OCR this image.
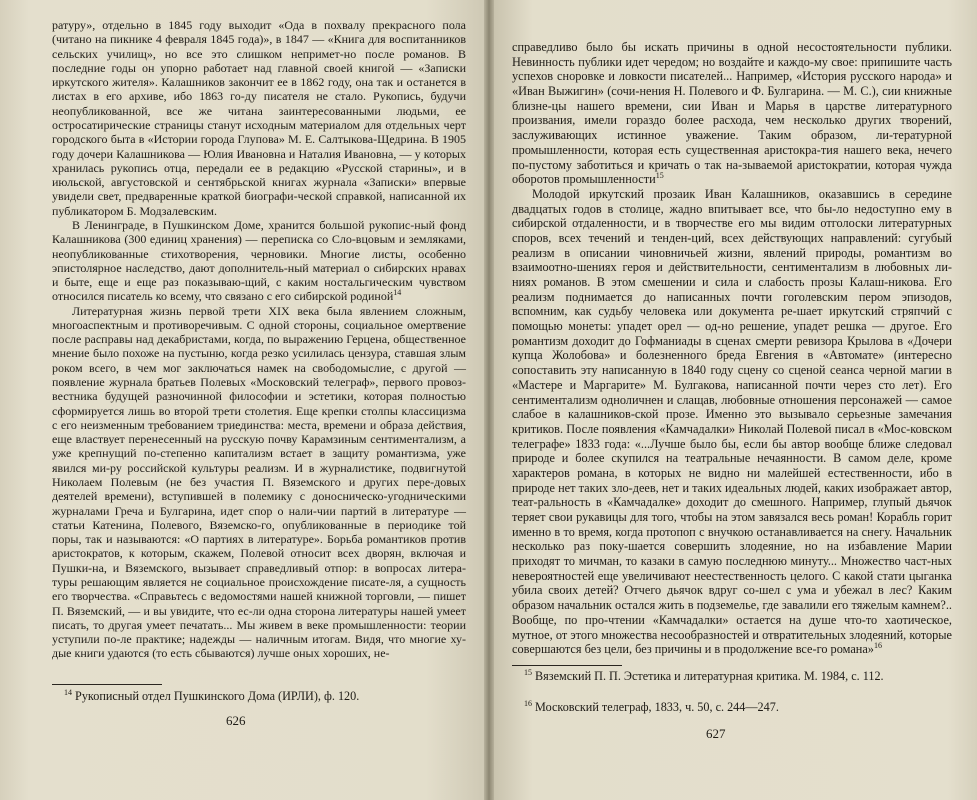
ратуру», отдельно в 1845 году выходит «Ода в похвалу прекрасного пола (читано на пикнике 4 февраля 1845 года)», в 1847 — «Книга для воспитанников сельских училищ», но все это слишком непримет-но после романов. В последние годы он упорно работает над главной своей книгой — «Записки иркутского жителя». Калашников закончит ее в 1862 году, она так и останется в листах в его архиве, ибо 1863 го-ду писателя не стало. Рукопись, будучи неопубликованной, все же читана заинтересованными людьми, ее остросатирические страницы станут исходным материалом для отдельных черт городского быта в «Истории города Глупова» М. Е. Салтыкова-Щедрина. В 1905 году дочери Калашникова — Юлия Ивановна и Наталия Ивановна, — у которых хранилась рукопись отца, передали ее в редакцию «Русской старины», и в июльской, августовской и сентябрьской книгах журнала «Записки» впервые увидели свет, предваренные краткой биографи-ческой справкой, написанной их публикатором Б. Модзалевским.

В Ленинграде, в Пушкинском Доме, хранится большой рукопис-ный фонд Калашникова (300 единиц хранения) — переписка со Сло-вцовым и земляками, неопубликованные стихотворения, черновики. Многие листы, особенно эпистолярное наследство, дают дополнитель-ный материал о сибирских нравах и быте, еще и еще раз показываю-щий, с каким ностальгическим чувством относился писатель ко всему, что связано с его сибирской родиной$^{14}$

Литературная жизнь первой трети XIX века была явлением сложным, многоаспектным и противоречивым. С одной стороны, социальное омертвение после расправы над декабристами, когда, по выражению Герцена, общественное мнение было похоже на пустыню, когда резко усилилась цензура, ставшая злым роком всего, в чем мог заключаться намек на свободомыслие, с другой — появление журнала братьев Полевых «Московский телеграф», первого провоз-вестника будущей разночинной философии и эстетики, которая полностью сформируется лишь во второй трети столетия. Еще крепки столпы классицизма с его неизменным требованием триединства: места, времени и образа действия, еще властвует перенесенный на русскую почву Карамзиным сентиментализм, а уже крепнущий по-степенно капитализм встает в защиту романтизма, уже явился ми-ру российской культуры реализм. И в журналистике, подвигнутой Николаем Полевым (не без участия П. Вяземского и других пере-довых деятелей времени), вступившей в полемику с доносническо-угодническими журналами Греча и Булгарина, идет спор о нали-чии партий в литературе — статьи Катенина, Полевого, Вяземско-го, опубликованные в периодике той поры, так и называются: «О партиях в литературе». Борьба романтиков против аристократов, к которым, скажем, Полевой относит всех дворян, включая и Пушки-на, и Вяземского, вызывает справедливый отпор: в вопросах литера-туры решающим является не социальное происхождение писате-ля, а сущность его творчества. «Справьтесь с ведомостями нашей книжной торговли, — пишет П. Вяземский, — и вы увидите, что ес-ли одна сторона литературы нашей умеет писать, то другая умеет печатать... Мы живем в веке промышленности: теории уступили по-ле практике; надежды — наличным итогам. Видя, что многие ху-дые книги удаются (то есть сбываются) лучше оных хороших, не-

$^{14}$ Рукописный отдел Пушкинского Дома (ИРЛИ), ф. 120.
626

справедливо было бы искать причины в одной несостоятельности публики. Невинность публики идет чередом; но воздайте и каждо-му свое: припишите часть успехов сноровке и ловкости писателей... Например, «История русского народа» и «Иван Выжигин» (сочи-нения Н. Полевого и Ф. Булгарина. — М. С.), сии книжные близне-цы нашего времени, сии Иван и Марья в царстве литературного произвания, имели гораздо более расхода, чем несколько других творений, заслуживающих истинное уважение. Таким образом, ли-тературной промышленности, которая есть существенная аристокра-тия нашего века, нечего по-пустому заботиться и кричать о так на-зываемой аристократии, которая чужда оборотов промышленности$^{15}$

Молодой иркутский прозаик Иван Калашников, оказавшись в середине двадцатых годов в столице, жадно впитывает все, что бы-ло недоступно ему в сибирской отдаленности, и в творчестве его мы видим отголоски литературных споров, всех течений и тенден-ций, всех действующих направлений: сугубый реализм в описании чиновничьей жизни, явлений природы, романтизм во взаимоотно-шениях героя и действительности, сентиментализм в любовных ли-ниях романов. В этом смешении и сила и слабость прозы Калаш-никова. Его реализм поднимается до написанных почти гоголевским пером эпизодов, вспомним, как судьбу человека или документа ре-шает иркутский стряпчий с помощью монеты: упадет орел — од-но решение, упадет решка — другое. Его романтизм доходит до Гофманиады в сценах смерти ревизора Крылова в «Дочери купца Жолобова» и болезненного бреда Евгения в «Автомате» (интересно сопоставить эту написанную в 1840 году сцену со сценой сеанса черной магии в «Мастере и Маргарите» М. Булгакова, написанной почти через сто лет). Его сентиментализм одноличнен и слащав, любовные отношения персонажей — самое слабое в калашников-ской прозе. Именно это вызывало серьезные замечания критиков. После появления «Камчадалки» Николай Полевой писал в «Мос-ковском телеграфе» 1833 года: «...Лучше было бы, если бы автор вообще ближе следовал природе и более скупился на театральные нечаянности. В самом деле, кроме характеров романа, в которых не видно ни малейшей естественности, ибо в природе нет таких зло-деев, нет и таких идеальных людей, каких изображает автор, теат-ральность в «Камчадалке» доходит до смешного. Например, глупый дьячок теряет свои рукавицы для того, чтобы на этом завязался весь роман! Корабль горит именно в то время, когда протопоп с внучкою останавливается на снегу. Начальник несколько раз поку-шается совершить злодеяние, но на избавление Марии приходят то мичман, то казаки в самую последнюю минуту... Множество част-ных невероятностей еще увеличивают неестественность целого. С какой стати цыганка убила своих детей? Отчего дьячок вдруг со-шел с ума и убежал в лес? Каким образом начальник остался жить в подземелье, где завалили его тяжелым камнем?.. Вообще, по про-чтении «Камчадалки» остается на душе что-то хаотическое, мутное, от этого множества несообразностей и отвратительных злодеяний, которые совершаются без цели, без причины и в продолжение все-го романа»$^{16}$

$^{15}$ Вяземский П. П. Эстетика и литературная критика. М. 1984, с. 112.
$^{16}$ Московский телеграф, 1833, ч. 50, с. 244—247.
627
